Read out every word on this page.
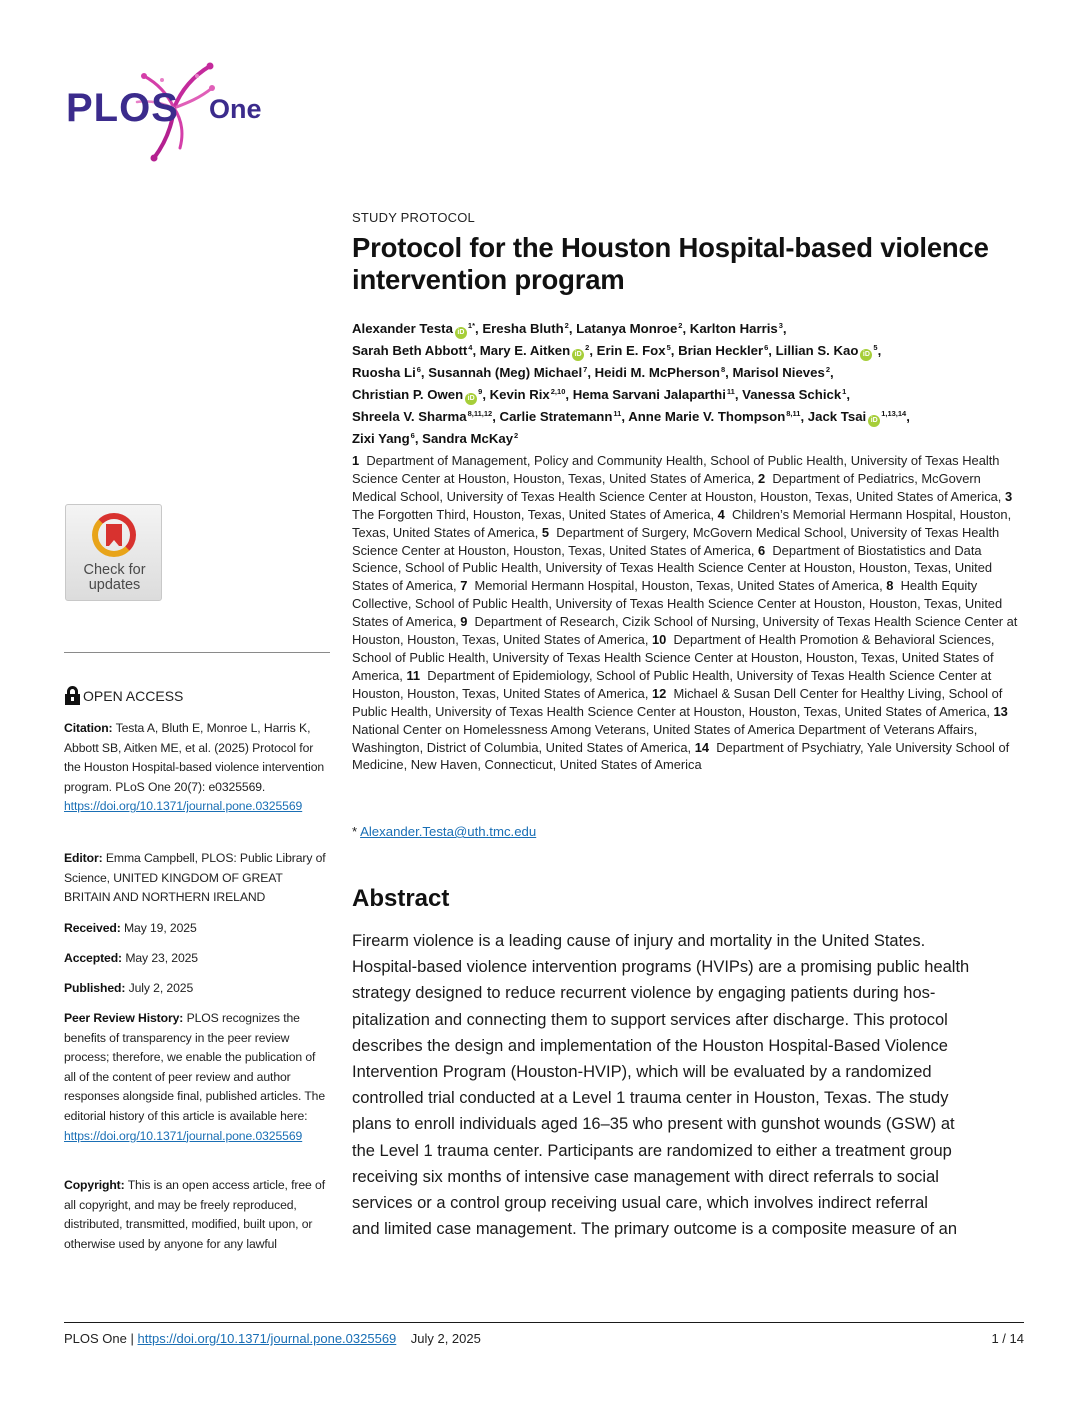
PLOS One
Check for
updates
OPEN ACCESS
Citation: Testa A, Bluth E, Monroe L, Harris K, Abbott SB, Aitken ME, et al. (2025) Protocol for the Houston Hospital-based violence intervention program. PLoS One 20(7): e0325569. https://doi.org/10.1371/journal.pone.0325569
Editor: Emma Campbell, PLOS: Public Library of Science, UNITED KINGDOM OF GREAT BRITAIN AND NORTHERN IRELAND
Received: May 19, 2025
Accepted: May 23, 2025
Published: July 2, 2025
Peer Review History: PLOS recognizes the benefits of transparency in the peer review process; therefore, we enable the publication of all of the content of peer review and author responses alongside final, published articles. The editorial history of this article is available here: https://doi.org/10.1371/journal.pone.0325569
Copyright: This is an open access article, free of all copyright, and may be freely reproduced, distributed, transmitted, modified, built upon, or otherwise used by anyone for any lawful
STUDY PROTOCOL
Protocol for the Houston Hospital-based violence intervention program
Alexander Testa $iD^{1*}$, Eresha Bluth$^2$, Latanya Monroe$^2$, Karlton Harris$^3$,
Sarah Beth Abbott$^4$, Mary E. Aitken $iD^2$, Erin E. Fox$^5$, Brian Heckler$^6$, Lillian S. Kao $iD^5$,
Ruosha Li$^6$, Susannah (Meg) Michael$^7$, Heidi M. McPherson$^8$, Marisol Nieves$^2$,
Christian P. Owen $iD^9$, Kevin Rix$^{2,10}$, Hema Sarvani Jalaparthi$^{11}$, Vanessa Schick$^1$,
Shreela V. Sharma$^{8,11,12}$, Carlie Stratemann$^{11}$, Anne Marie V. Thompson$^{8,11}$, Jack Tsai iD$^{1,13,14}$,
Zixi Yang$^6$, Sandra McKay$^2$
1  Department of Management, Policy and Community Health, School of Public Health, University of Texas Health Science Center at Houston, Houston, Texas, United States of America, 2  Department of Pediatrics, McGovern Medical School, University of Texas Health Science Center at Houston, Houston, Texas, United States of America, 3  The Forgotten Third, Houston, Texas, United States of America, 4  Children’s Memorial Hermann Hospital, Houston, Texas, United States of America, 5  Department of Surgery, McGovern Medical School, University of Texas Health Science Center at Houston, Houston, Texas, United States of America, 6  Department of Biostatistics and Data Science, School of Public Health, University of Texas Health Science Center at Houston, Houston, Texas, United States of America, 7  Memorial Hermann Hospital, Houston, Texas, United States of America, 8  Health Equity Collective, School of Public Health, University of Texas Health Science Center at Houston, Houston, Texas, United States of America, 9  Department of Research, Cizik School of Nursing, University of Texas Health Science Center at Houston, Houston, Texas, United States of America, 10  Department of Health Promotion & Behavioral Sciences, School of Public Health, University of Texas Health Science Center at Houston, Houston, Texas, United States of America, 11  Department of Epidemiology, School of Public Health, University of Texas Health Science Center at Houston, Houston, Texas, United States of America, 12  Michael & Susan Dell Center for Healthy Living, School of Public Health, University of Texas Health Science Center at Houston, Houston, Texas, United States of America, 13  National Center on Homelessness Among Veterans, United States of America Department of Veterans Affairs, Washington, District of Columbia, United States of America, 14  Department of Psychiatry, Yale University School of Medicine, New Haven, Connecticut, United States of America
* Alexander.Testa@uth.tmc.edu
Abstract
Firearm violence is a leading cause of injury and mortality in the United States.
Hospital-based violence intervention programs (HVIPs) are a promising public health
strategy designed to reduce recurrent violence by engaging patients during hos-
pitalization and connecting them to support services after discharge. This protocol
describes the design and implementation of the Houston Hospital-Based Violence
Intervention Program (Houston-HVIP), which will be evaluated by a randomized
controlled trial conducted at a Level 1 trauma center in Houston, Texas. The study
plans to enroll individuals aged 16–35 who present with gunshot wounds (GSW) at
the Level 1 trauma center. Participants are randomized to either a treatment group
receiving six months of intensive case management with direct referrals to social
services or a control group receiving usual care, which involves indirect referral
and limited case management. The primary outcome is a composite measure of an
PLOS One | https://doi.org/10.1371/journal.pone.0325569 July 2, 2025	1 / 14
